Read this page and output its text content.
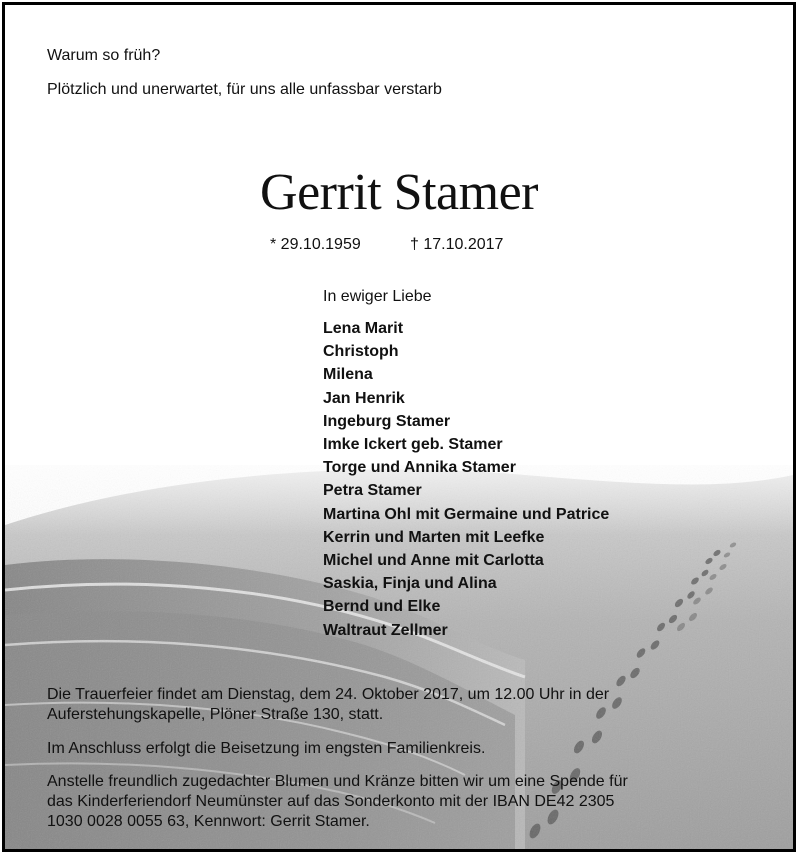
Warum so früh?

Plötzlich und unerwartet, für uns alle unfassbar verstarb

Gerrit Stamer
* 29.10.1959	† 17.10.2017

In ewiger Liebe

Lena Marit
Christoph
Milena
Jan Henrik
Ingeburg Stamer
Imke Ickert geb. Stamer
Torge und Annika Stamer
Petra Stamer
Martina Ohl mit Germaine und Patrice
Kerrin und Marten mit Leefke
Michel und Anne mit Carlotta
Saskia, Finja und Alina
Bernd und Elke
Waltraut Zellmer

Die Trauerfeier findet am Dienstag, dem 24. Oktober 2017, um 12.00 Uhr in der
Auferstehungskapelle, Plöner Straße 130, statt.

Im Anschluss erfolgt die Beisetzung im engsten Familienkreis.

Anstelle freundlich zugedachter Blumen und Kränze bitten wir um eine Spende für
das Kinderferiendorf Neumünster auf das Sonderkonto mit der IBAN DE42 2305
1030 0028 0055 63, Kennwort: Gerrit Stamer.
